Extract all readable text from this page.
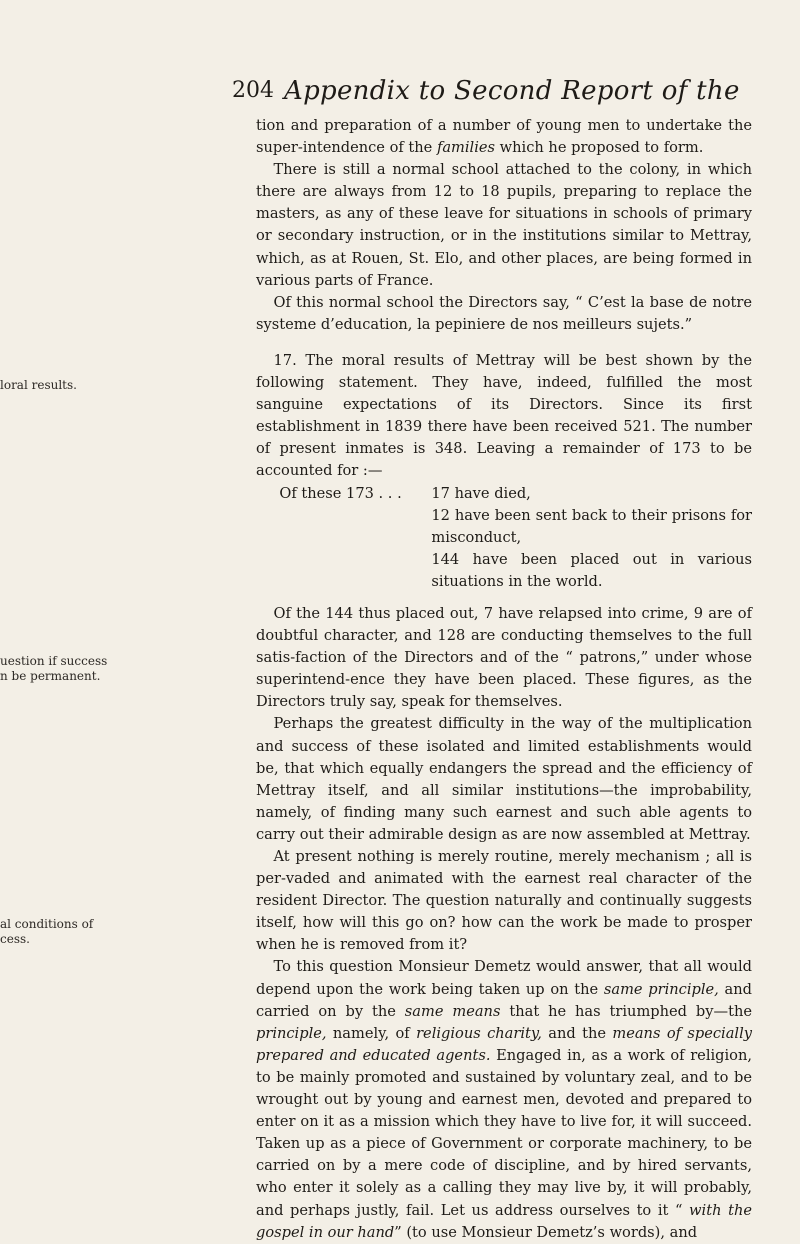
204 Appendix to Second Report of the
loral results.
uestion if success
n be permanent.
al conditions of
cess.

tion and preparation of a number of young men to undertake the super-intendence of the families which he proposed to form.

There is still a normal school attached to the colony, in which there are always from 12 to 18 pupils, preparing to replace the masters, as any of these leave for situations in schools of primary or secondary instruction, or in the institutions similar to Mettray, which, as at Rouen, St. Elo, and other places, are being formed in various parts of France.

Of this normal school the Directors say, “ C’est la base de notre systeme d’education, la pepiniere de nos meilleurs sujets.”

17. The moral results of Mettray will be best shown by the following statement. They have, indeed, fulfilled the most sanguine expectations of its Directors. Since its first establishment in 1839 there have been received 521. The number of present inmates is 348. Leaving a remainder of 173 to be accounted for :—

Of these 173 . . .	17 have died,
12 have been sent back to their prisons for misconduct,
144 have been placed out in various situations in the world.

Of the 144 thus placed out, 7 have relapsed into crime, 9 are of doubtful character, and 128 are conducting themselves to the full satis-faction of the Directors and of the “ patrons,” under whose superintend-ence they have been placed. These figures, as the Directors truly say, speak for themselves.

Perhaps the greatest difficulty in the way of the multiplication and success of these isolated and limited establishments would be, that which equally endangers the spread and the efficiency of Mettray itself, and all similar institutions—the improbability, namely, of finding many such earnest and such able agents to carry out their admirable design as are now assembled at Mettray.

At present nothing is merely routine, merely mechanism ; all is per-vaded and animated with the earnest real character of the resident Director. The question naturally and continually suggests itself, how will this go on? how can the work be made to prosper when he is removed from it?

To this question Monsieur Demetz would answer, that all would depend upon the work being taken up on the same principle, and carried on by the same means that he has triumphed by—the principle, namely, of religious charity, and the means of specially prepared and educated agents. Engaged in, as a work of religion, to be mainly promoted and sustained by voluntary zeal, and to be wrought out by young and earnest men, devoted and prepared to enter on it as a mission which they have to live for, it will succeed. Taken up as a piece of Government or corporate machinery, to be carried on by a mere code of discipline, and by hired servants, who enter it solely as a calling they may live by, it will probably, and perhaps justly, fail. Let us address ourselves to it “ with the gospel in our hand” (to use Monsieur Demetz’s words), and
